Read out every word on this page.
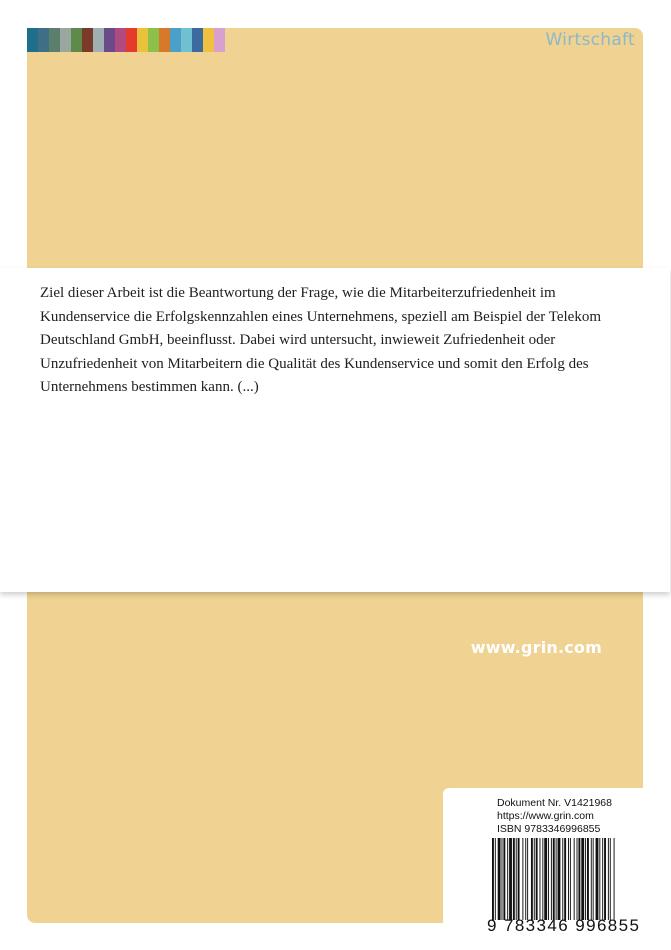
Wirtschaft
www.grin.com
Dokument Nr. V1421968
https://www.grin.com
ISBN 9783346996855
9 783346 996855
Ziel dieser Arbeit ist die Beantwortung der Frage, wie die Mitarbeiterzufriedenheit im Kundenservice die Erfolgskennzahlen eines Unternehmens, speziell am Beispiel der Telekom Deutschland GmbH, beeinflusst. Dabei wird untersucht, inwieweit Zufriedenheit oder Unzufriedenheit von Mitarbeitern die Qualität des Kundenservice und somit den Erfolg des Unternehmens bestimmen kann. (...)
